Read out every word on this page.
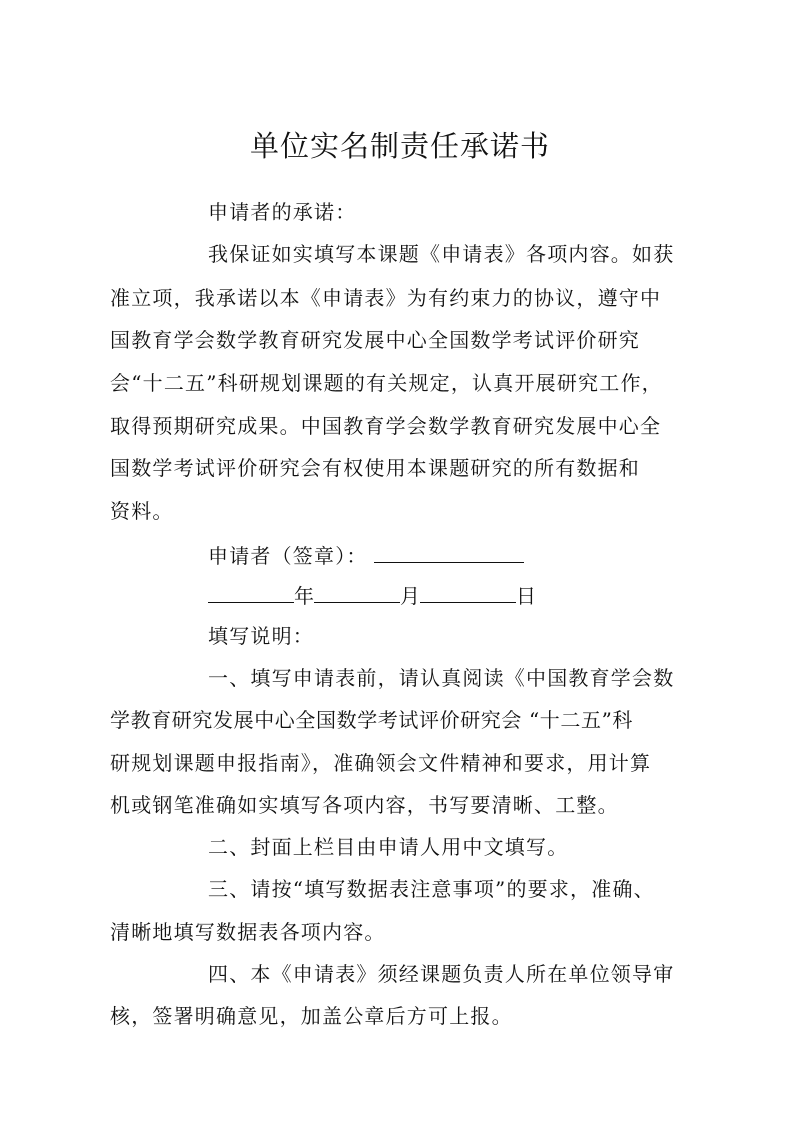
单位实名制责任承诺书
申请者的承诺：
我保证如实填写本课题《申请表》各项内容。如获
准立项，我承诺以本《申请表》为有约束力的协议，遵守中
国教育学会数学教育研究发展中心全国数学考试评价研究
会“十二五”科研规划课题的有关规定，认真开展研究工作，
取得预期研究成果。中国教育学会数学教育研究发展中心全
国数学考试评价研究会有权使用本课题研究的所有数据和
资料。
申请者（签章）：
年	月	日
填写说明：
一、填写申请表前，请认真阅读《中国教育学会数
学教育研究发展中心全国数学考试评价研究会 “十二五”科
研规划课题申报指南》，准确领会文件精神和要求，用计算
机或钢笔准确如实填写各项内容，书写要清晰、工整。
二、封面上栏目由申请人用中文填写。
三、请按“填写数据表注意事项”的要求，准确、
清晰地填写数据表各项内容。
四、本《申请表》须经课题负责人所在单位领导审
核，签署明确意见，加盖公章后方可上报。
